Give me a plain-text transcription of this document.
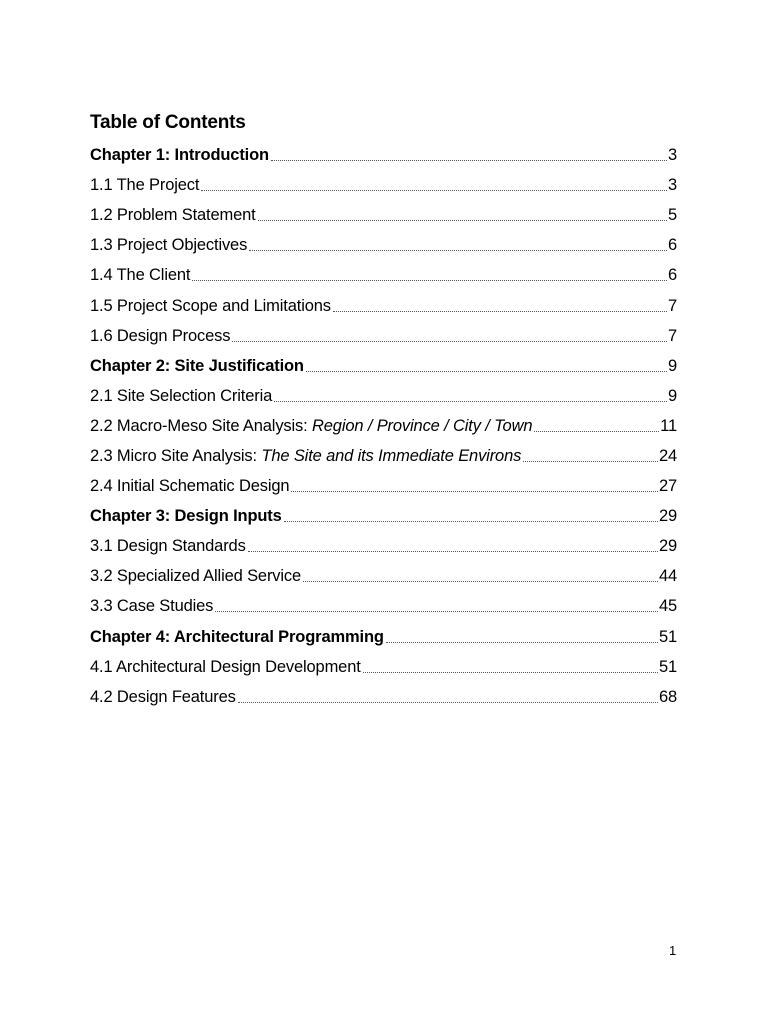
Table of Contents
Chapter 1: Introduction	3
1.1 The Project	3
1.2 Problem Statement	5
1.3 Project Objectives	6
1.4 The Client	6
1.5 Project Scope and Limitations	7
1.6 Design Process	7
Chapter 2: Site Justification	9
2.1 Site Selection Criteria	9
2.2 Macro-Meso Site Analysis: Region / Province / City / Town	11
2.3 Micro Site Analysis: The Site and its Immediate Environs	24
2.4 Initial Schematic Design	27
Chapter 3: Design Inputs	29
3.1 Design Standards	29
3.2 Specialized Allied Service	44
3.3 Case Studies	45
Chapter 4: Architectural Programming	51
4.1 Architectural Design Development	51
4.2 Design Features	68
1
